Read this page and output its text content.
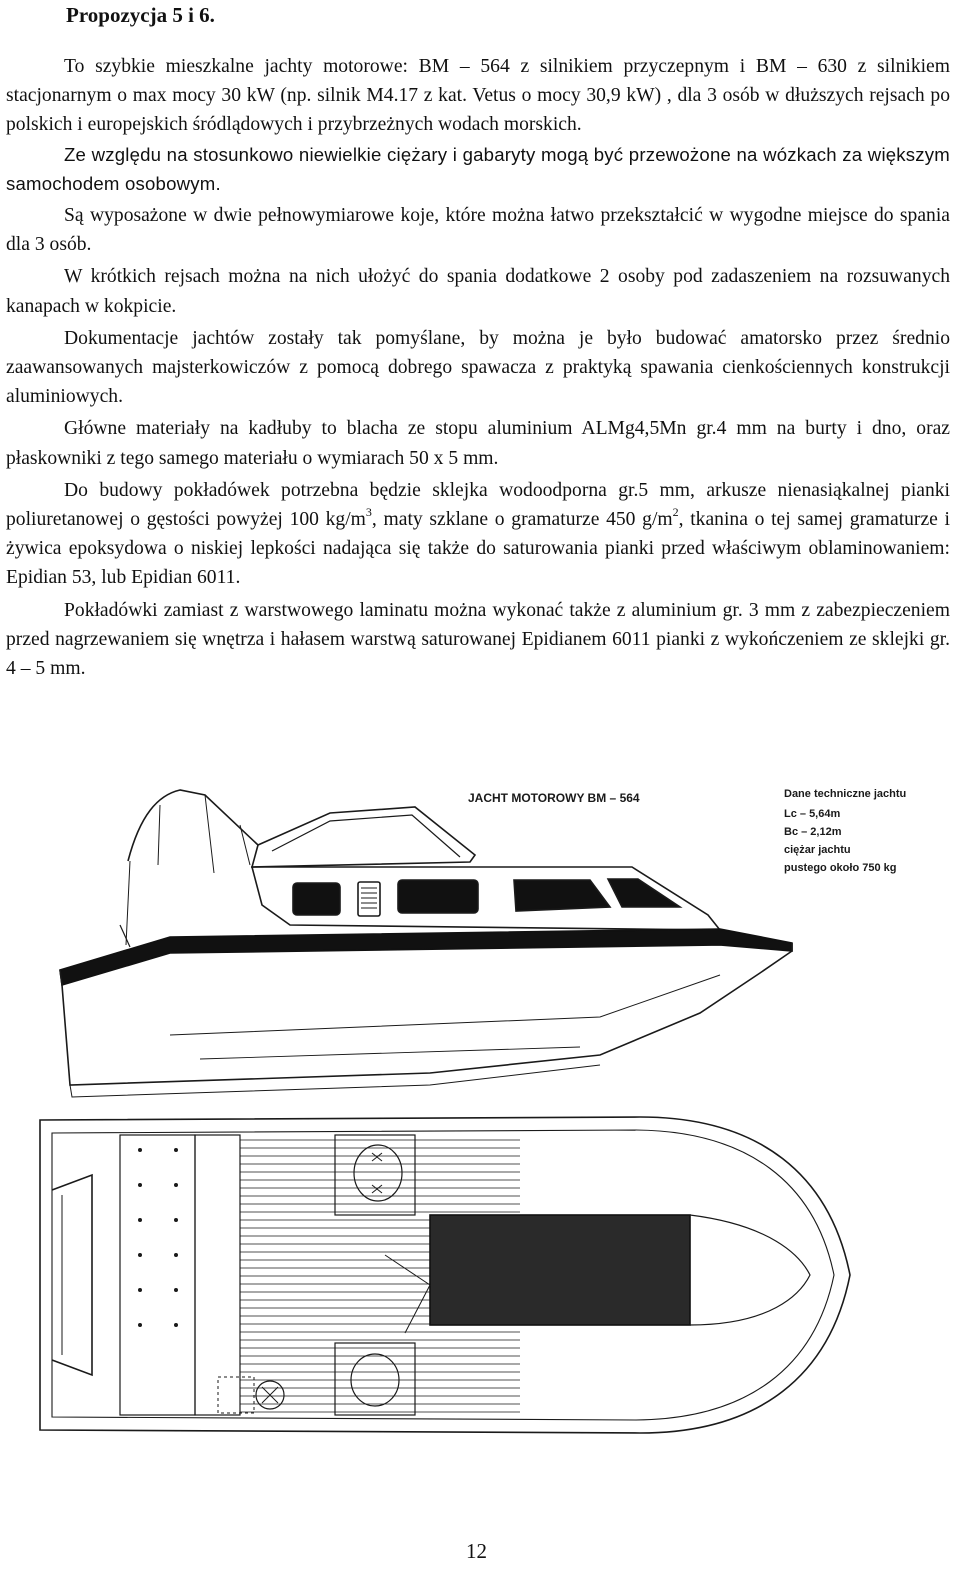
Propozycja 5 i 6.

To szybkie mieszkalne jachty motorowe: BM – 564 z silnikiem przyczepnym i BM – 630 z silnikiem stacjonarnym o max mocy 30 kW (np. silnik M4.17 z kat. Vetus o mocy 30,9 kW) , dla 3 osób w dłuższych rejsach po polskich i europejskich śródlądowych i przybrzeżnych wodach morskich.

Ze względu na stosunkowo niewielkie ciężary i gabaryty mogą być przewożone na wózkach za większym samochodem osobowym.

Są wyposażone w dwie pełnowymiarowe koje, które można łatwo przekształcić w wygodne miejsce do spania dla 3 osób.

W krótkich rejsach można na nich ułożyć do spania dodatkowe 2 osoby pod zadaszeniem na rozsuwanych kanapach w kokpicie.

Dokumentacje jachtów zostały tak pomyślane, by można je było budować amatorsko przez średnio zaawansowanych majsterkowiczów z pomocą dobrego spawacza z praktyką spawania cienkościennych konstrukcji aluminiowych.

Główne materiały na kadłuby to blacha ze stopu aluminium ALMg4,5Mn gr.4 mm na burty i dno, oraz płaskowniki z tego samego materiału o wymiarach 50 x 5 mm.

Do budowy pokładówek potrzebna będzie sklejka wodoodporna gr.5 mm, arkusze nienasiąkalnej pianki poliuretanowej o gęstości powyżej 100 $kg/m^3$, maty szklane o gramaturze 450 $g/m^2$, tkanina o tej samej gramaturze i żywica epoksydowa o niskiej lepkości nadająca się także do saturowania pianki przed właściwym oblaminowaniem: Epidian 53, lub Epidian 6011.

Pokładówki zamiast z warstwowego laminatu można wykonać także z aluminium gr. 3 mm z zabezpieczeniem przed nagrzewaniem się wnętrza i hałasem warstwą saturowanej Epidianem 6011 pianki z wykończeniem ze sklejki gr. 4 – 5 mm.

JACHT MOTOROWY BM – 564	Dane techniczne jachtu
Lc – 5,64m
Bc – 2,12m
ciężar jachtu
pustego około 750 kg
12
